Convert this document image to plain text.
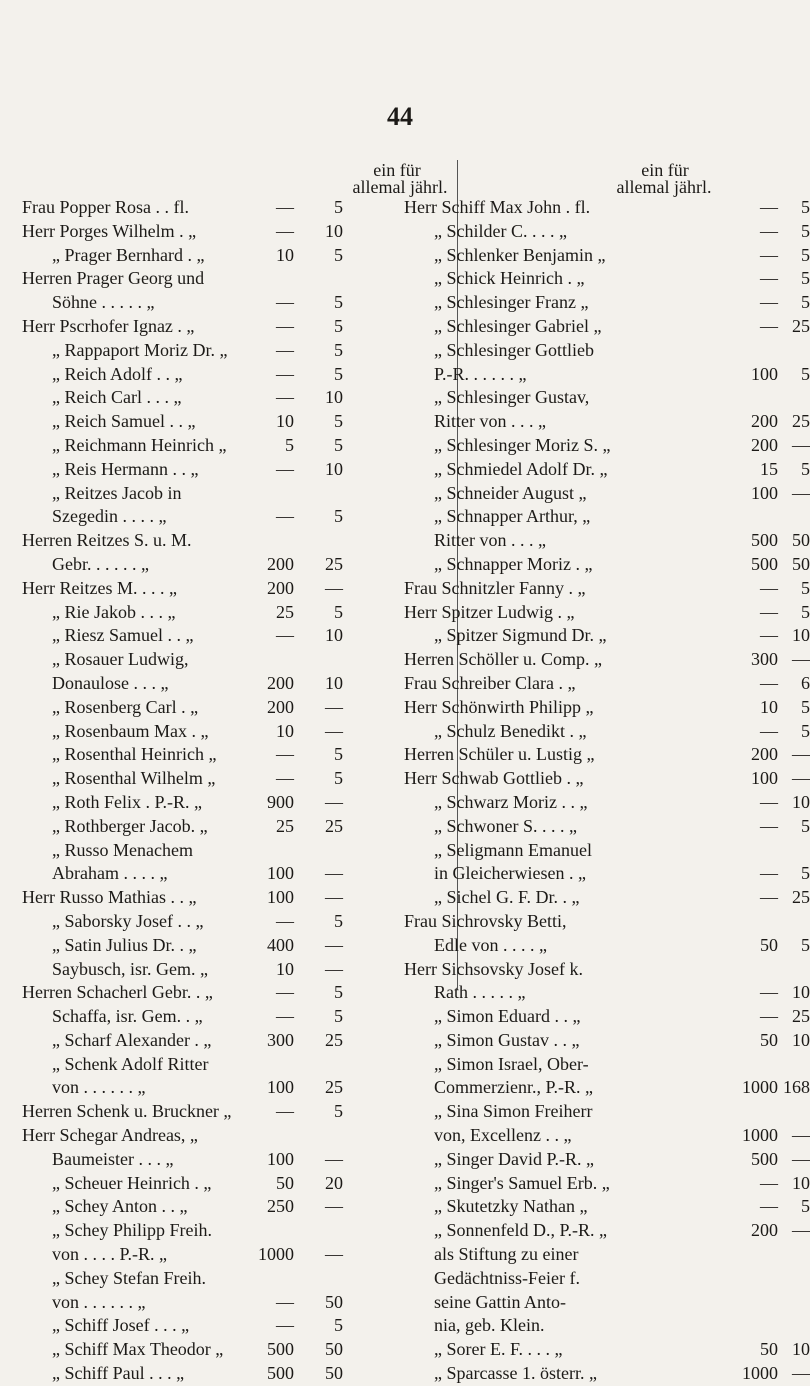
44
ein für
allemal jährl.
Frau Popper Rosa . . fl.	—	5
Herr Porges Wilhelm . „	—	10
„ Prager Bernhard . „	10	5
Herren Prager Georg und
Söhne . . . . . „	—	5
Herr Pscrhofer Ignaz . „	—	5
„ Rappaport Moriz Dr. „	—	5
„ Reich Adolf . . „	—	5
„ Reich Carl . . . „	—	10
„ Reich Samuel . . „	10	5
„ Reichmann Heinrich „	5	5
„ Reis Hermann . . „	—	10
„ Reitzes Jacob in
Szegedin . . . . „	—	5
Herren Reitzes S. u. M.
Gebr. . . . . . „	200	25
Herr Reitzes M. . . . „	200	—
„ Rie Jakob . . . „	25	5
„ Riesz Samuel . . „	—	10
„ Rosauer Ludwig,
Donaulose . . . „	200	10
„ Rosenberg Carl . „	200	—
„ Rosenbaum Max . „	10	—
„ Rosenthal Heinrich „	—	5
„ Rosenthal Wilhelm „	—	5
„ Roth Felix . P.-R. „	900	—
„ Rothberger Jacob. „	25	25
„ Russo Menachem
Abraham . . . . „	100	—
Herr Russo Mathias . . „	100	—
„ Saborsky Josef . . „	—	5
„ Satin Julius Dr. . „	400	—
Saybusch, isr. Gem. „	10	—
Herren Schacherl Gebr. . „	—	5
Schaffa, isr. Gem. . „	—	5
„ Scharf Alexander . „	300	25
„ Schenk Adolf Ritter
von . . . . . . „	100	25
Herren Schenk u. Bruckner „	—	5
Herr Schegar Andreas, „
Baumeister . . . „	100	—
„ Scheuer Heinrich . „	50	20
„ Schey Anton . . „	250	—
„ Schey Philipp Freih.
von . . . . P.-R. „	1000	—
„ Schey Stefan Freih.
von . . . . . . „	—	50
„ Schiff Josef . . . „	—	5
„ Schiff Max Theodor „	500	50
„ Schiff Paul . . . „	500	50
ein für
allemal jährl.
Herr Schiff Max John . fl.	—	5
„ Schilder C. . . . „	—	5
„ Schlenker Benjamin „	—	5
„ Schick Heinrich . „	—	5
„ Schlesinger Franz „	—	5
„ Schlesinger Gabriel „	— 25
„ Schlesinger Gottlieb
P.-R. . . . . . „	100	5
„ Schlesinger Gustav,
Ritter von . . . „	200 25
„ Schlesinger Moriz S. „	200 —
„ Schmiedel Adolf Dr. „	15	5
„ Schneider August „	100 —
„ Schnapper Arthur, „
Ritter von . . . „	500 50
„ Schnapper Moriz . „	500 50
Frau Schnitzler Fanny . „	—	5
Herr Spitzer Ludwig . „	—	5
„ Spitzer Sigmund Dr. „	— 10
Herren Schöller u. Comp. „	300 —
Frau Schreiber Clara . „	—	6
Herr Schönwirth Philipp „	10	5
„ Schulz Benedikt . „	—	5
Herren Schüler u. Lustig „	200 —
Herr Schwab Gottlieb . „	100 —
„ Schwarz Moriz . . „	— 10
„ Schwoner S. . . . „	—	5
„ Seligmann Emanuel
in Gleicherwiesen . „	—	5
„ Sichel G. F. Dr. . „	— 25
Frau Sichrovsky Betti,
Edle von . . . . „	50	5
Herr Sichsovsky Josef k.
Rath . . . . . „	— 10
„ Simon Eduard . . „	— 25
„ Simon Gustav . . „	50 10
„ Simon Israel, Ober-
Commerzienr., P.-R. „	1000 168
„ Sina Simon Freiherr
von, Excellenz . . „	1000 —
„ Singer David P.-R. „	500 —
„ Singer's Samuel Erb. „	— 10
„ Skutetzky Nathan „	—	5
„ Sonnenfeld D., P.-R. „	200 —
als Stiftung zu einer
Gedächtniss-Feier f.
seine Gattin Anto-
nia, geb. Klein.
„ Sorer E. F. . . . „	50 10
„ Sparcasse 1. österr. „	1000 —
